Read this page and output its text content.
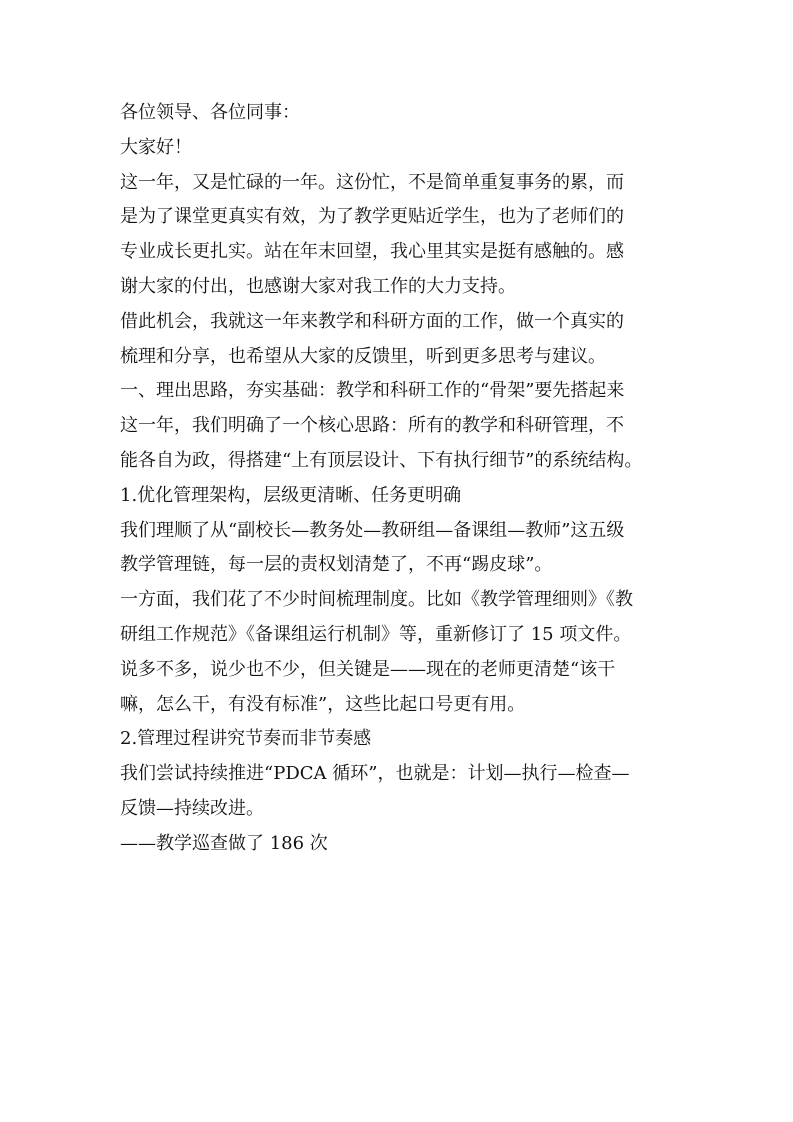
各位领导、各位同事：

大家好！

这一年，又是忙碌的一年。这份忙，不是简单重复事务的累，而

是为了课堂更真实有效，为了教学更贴近学生，也为了老师们的

专业成长更扎实。站在年末回望，我心里其实是挺有感触的。感

谢大家的付出，也感谢大家对我工作的大力支持。

借此机会，我就这一年来教学和科研方面的工作，做一个真实的

梳理和分享，也希望从大家的反馈里，听到更多思考与建议。

一、理出思路，夯实基础：教学和科研工作的“骨架”要先搭起来

这一年，我们明确了一个核心思路：所有的教学和科研管理，不

能各自为政，得搭建“上有顶层设计、下有执行细节”的系统结构。

1.优化管理架构，层级更清晰、任务更明确

我们理顺了从“副校长—教务处—教研组—备课组—教师”这五级

教学管理链，每一层的责权划清楚了，不再“踢皮球”。

一方面，我们花了不少时间梳理制度。比如《教学管理细则》《教

研组工作规范》《备课组运行机制》等，重新修订了 15 项文件。

说多不多，说少也不少，但关键是——现在的老师更清楚“该干

嘛，怎么干，有没有标准”，这些比起口号更有用。

2.管理过程讲究节奏而非节奏感

我们尝试持续推进“PDCA 循环”，也就是：计划—执行—检查—

反馈—持续改进。

——教学巡查做了 186 次
